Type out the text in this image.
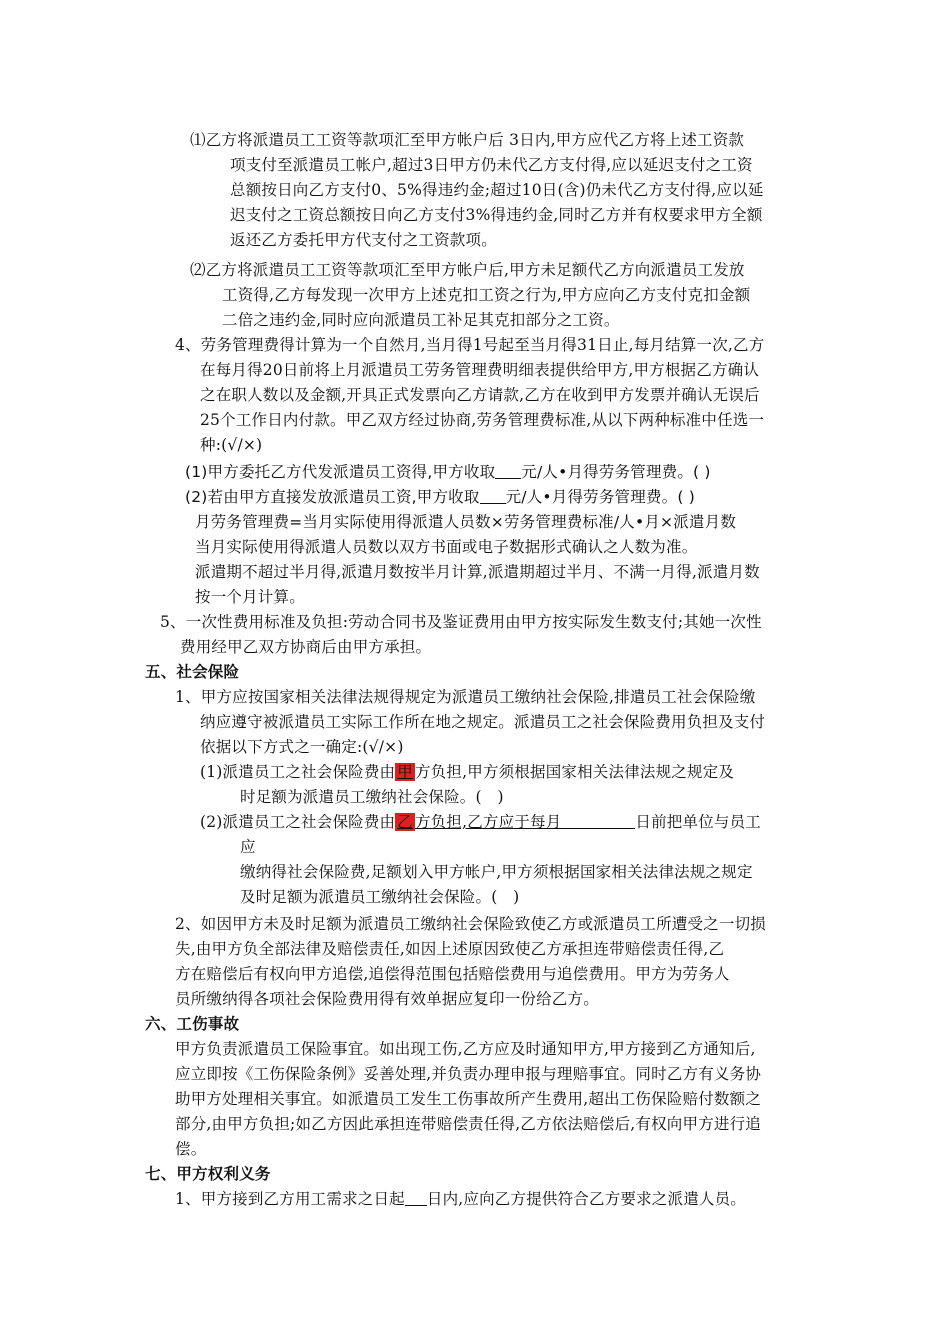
⑴乙方将派遣员工工资等款项汇至甲方帐户后 3日内,甲方应代乙方将上述工资款
项支付至派遣员工帐户,超过3日甲方仍未代乙方支付得,应以延迟支付之工资
总额按日向乙方支付0、5%得违约金;超过10日(含)仍未代乙方支付得,应以延
迟支付之工资总额按日向乙方支付3%得违约金,同时乙方并有权要求甲方全额
返还乙方委托甲方代支付之工资款项。
⑵乙方将派遣员工工资等款项汇至甲方帐户后,甲方未足额代乙方向派遣员工发放
工资得,乙方每发现一次甲方上述克扣工资之行为,甲方应向乙方支付克扣金额
二倍之违约金,同时应向派遣员工补足其克扣部分之工资。
4、劳务管理费得计算为一个自然月,当月得1号起至当月得31日止,每月结算一次,乙方
在每月得20日前将上月派遣员工劳务管理费明细表提供给甲方,甲方根据乙方确认
之在职人数以及金额,开具正式发票向乙方请款,乙方在收到甲方发票并确认无误后
25个工作日内付款。甲乙双方经过协商,劳务管理费标准,从以下两种标准中任选一
种:(√/×)
(1)甲方委托乙方代发派遣员工资得,甲方收取 元/人•月得劳务管理费。( )
(2)若由甲方直接发放派遣员工资,甲方收取 元/人•月得劳务管理费。( )
月劳务管理费=当月实际使用得派遣人员数×劳务管理费标准/人•月×派遣月数
当月实际使用得派遣人员数以双方书面或电子数据形式确认之人数为准。
派遣期不超过半月得,派遣月数按半月计算,派遣期超过半月、不满一月得,派遣月数
按一个月计算。
5、一次性费用标准及负担:劳动合同书及鉴证费用由甲方按实际发生数支付;其她一次性
费用经甲乙双方协商后由甲方承担。
五、社会保险
1、甲方应按国家相关法律法规得规定为派遣员工缴纳社会保险,排遣员工社会保险缴
纳应遵守被派遣员工实际工作所在地之规定。派遣员工之社会保险费用负担及支付
依据以下方式之一确定:(√/×)
(1)派遣员工之社会保险费由 甲 方负担,甲方须根据国家相关法律法规之规定及
时足额为派遣员工缴纳社会保险。(　)
(2)派遣员工之社会保险费由 乙 方负担,乙方应于每月	日前把单位与员工
应
缴纳得社会保险费,足额划入甲方帐户,甲方须根据国家相关法律法规之规定
及时足额为派遣员工缴纳社会保险。(　)
2、如因甲方未及时足额为派遣员工缴纳社会保险致使乙方或派遣员工所遭受之一切损
失,由甲方负全部法律及赔偿责任,如因上述原因致使乙方承担连带赔偿责任得,乙
方在赔偿后有权向甲方追偿,追偿得范围包括赔偿费用与追偿费用。甲方为劳务人
员所缴纳得各项社会保险费用得有效单据应复印一份给乙方。
六、工伤事故
甲方负责派遣员工保险事宜。如出现工伤,乙方应及时通知甲方,甲方接到乙方通知后,
应立即按《工伤保险条例》妥善处理,并负责办理申报与理赔事宜。同时乙方有义务协
助甲方处理相关事宜。如派遣员工发生工伤事故所产生费用,超出工伤保险赔付数额之
部分,由甲方负担;如乙方因此承担连带赔偿责任得,乙方依法赔偿后,有权向甲方进行追
偿。
七、甲方权利义务
1、甲方接到乙方用工需求之日起 日内,应向乙方提供符合乙方要求之派遣人员。
